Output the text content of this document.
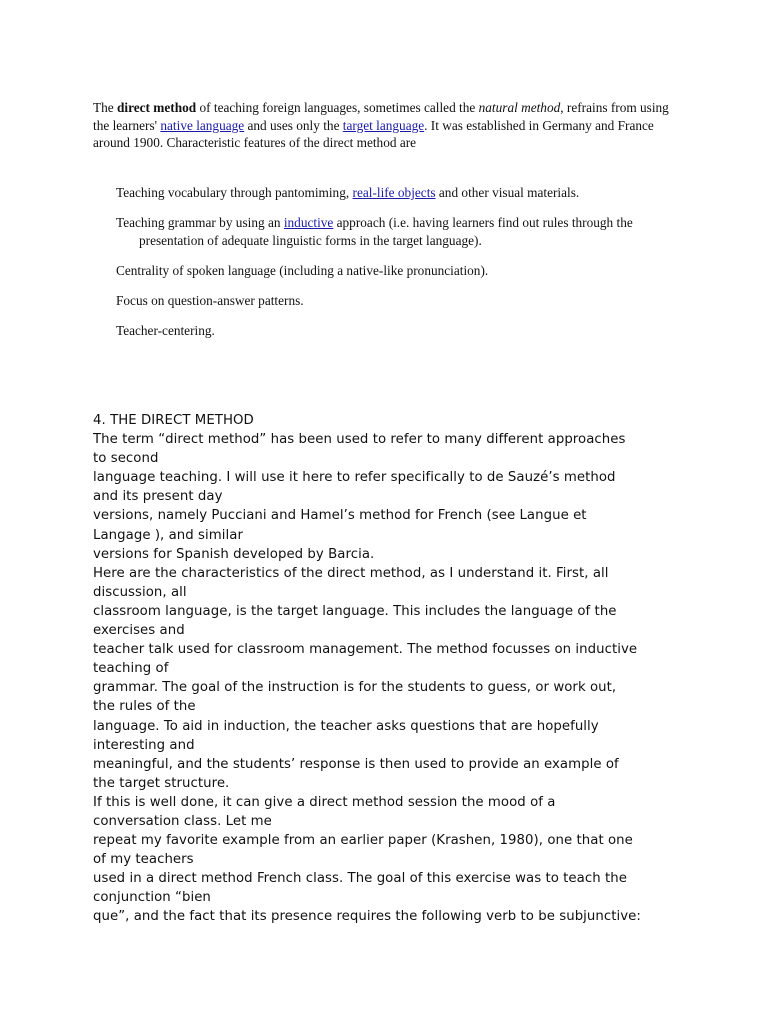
The direct method of teaching foreign languages, sometimes called the natural method, refrains from using the learners' native language and uses only the target language. It was established in Germany and France around 1900. Characteristic features of the direct method are

Teaching vocabulary through pantomiming, real-life objects and other visual materials.
Teaching grammar by using an inductive approach (i.e. having learners find out rules through the presentation of adequate linguistic forms in the target language).
Centrality of spoken language (including a native-like pronunciation).
Focus on question-answer patterns.
Teacher-centering.
4. THE DIRECT METHOD
The term “direct method” has been used to refer to many different approaches
to second
language teaching. I will use it here to refer specifically to de Sauzé’s method
and its present day
versions, namely Pucciani and Hamel’s method for French (see Langue et
Langage ), and similar
versions for Spanish developed by Barcia.
Here are the characteristics of the direct method, as I understand it. First, all
discussion, all
classroom language, is the target language. This includes the language of the
exercises and
teacher talk used for classroom management. The method focusses on inductive
teaching of
grammar. The goal of the instruction is for the students to guess, or work out,
the rules of the
language. To aid in induction, the teacher asks questions that are hopefully
interesting and
meaningful, and the students’ response is then used to provide an example of
the target structure.
If this is well done, it can give a direct method session the mood of a
conversation class. Let me
repeat my favorite example from an earlier paper (Krashen, 1980), one that one
of my teachers
used in a direct method French class. The goal of this exercise was to teach the
conjunction “bien
que”, and the fact that its presence requires the following verb to be subjunctive:
